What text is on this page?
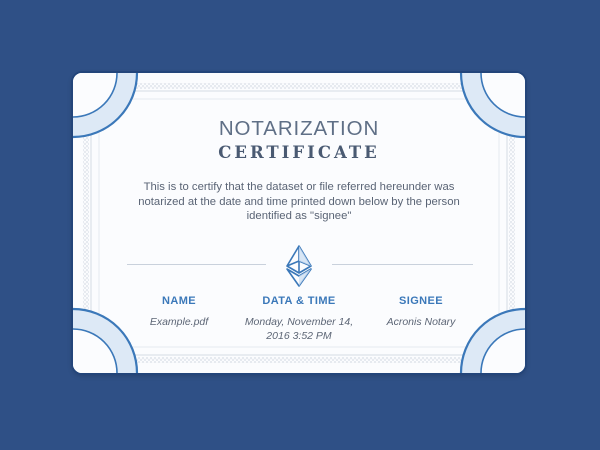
NOTARIZATION
CERTIFICATE
This is to certify that the dataset or file referred hereunder was notarized at the date and time printed down below by the person identified as "signee"
NAME
Example.pdf
DATA & TIME
Monday, November 14,
2016 3:52 PM
SIGNEE
Acronis Notary
